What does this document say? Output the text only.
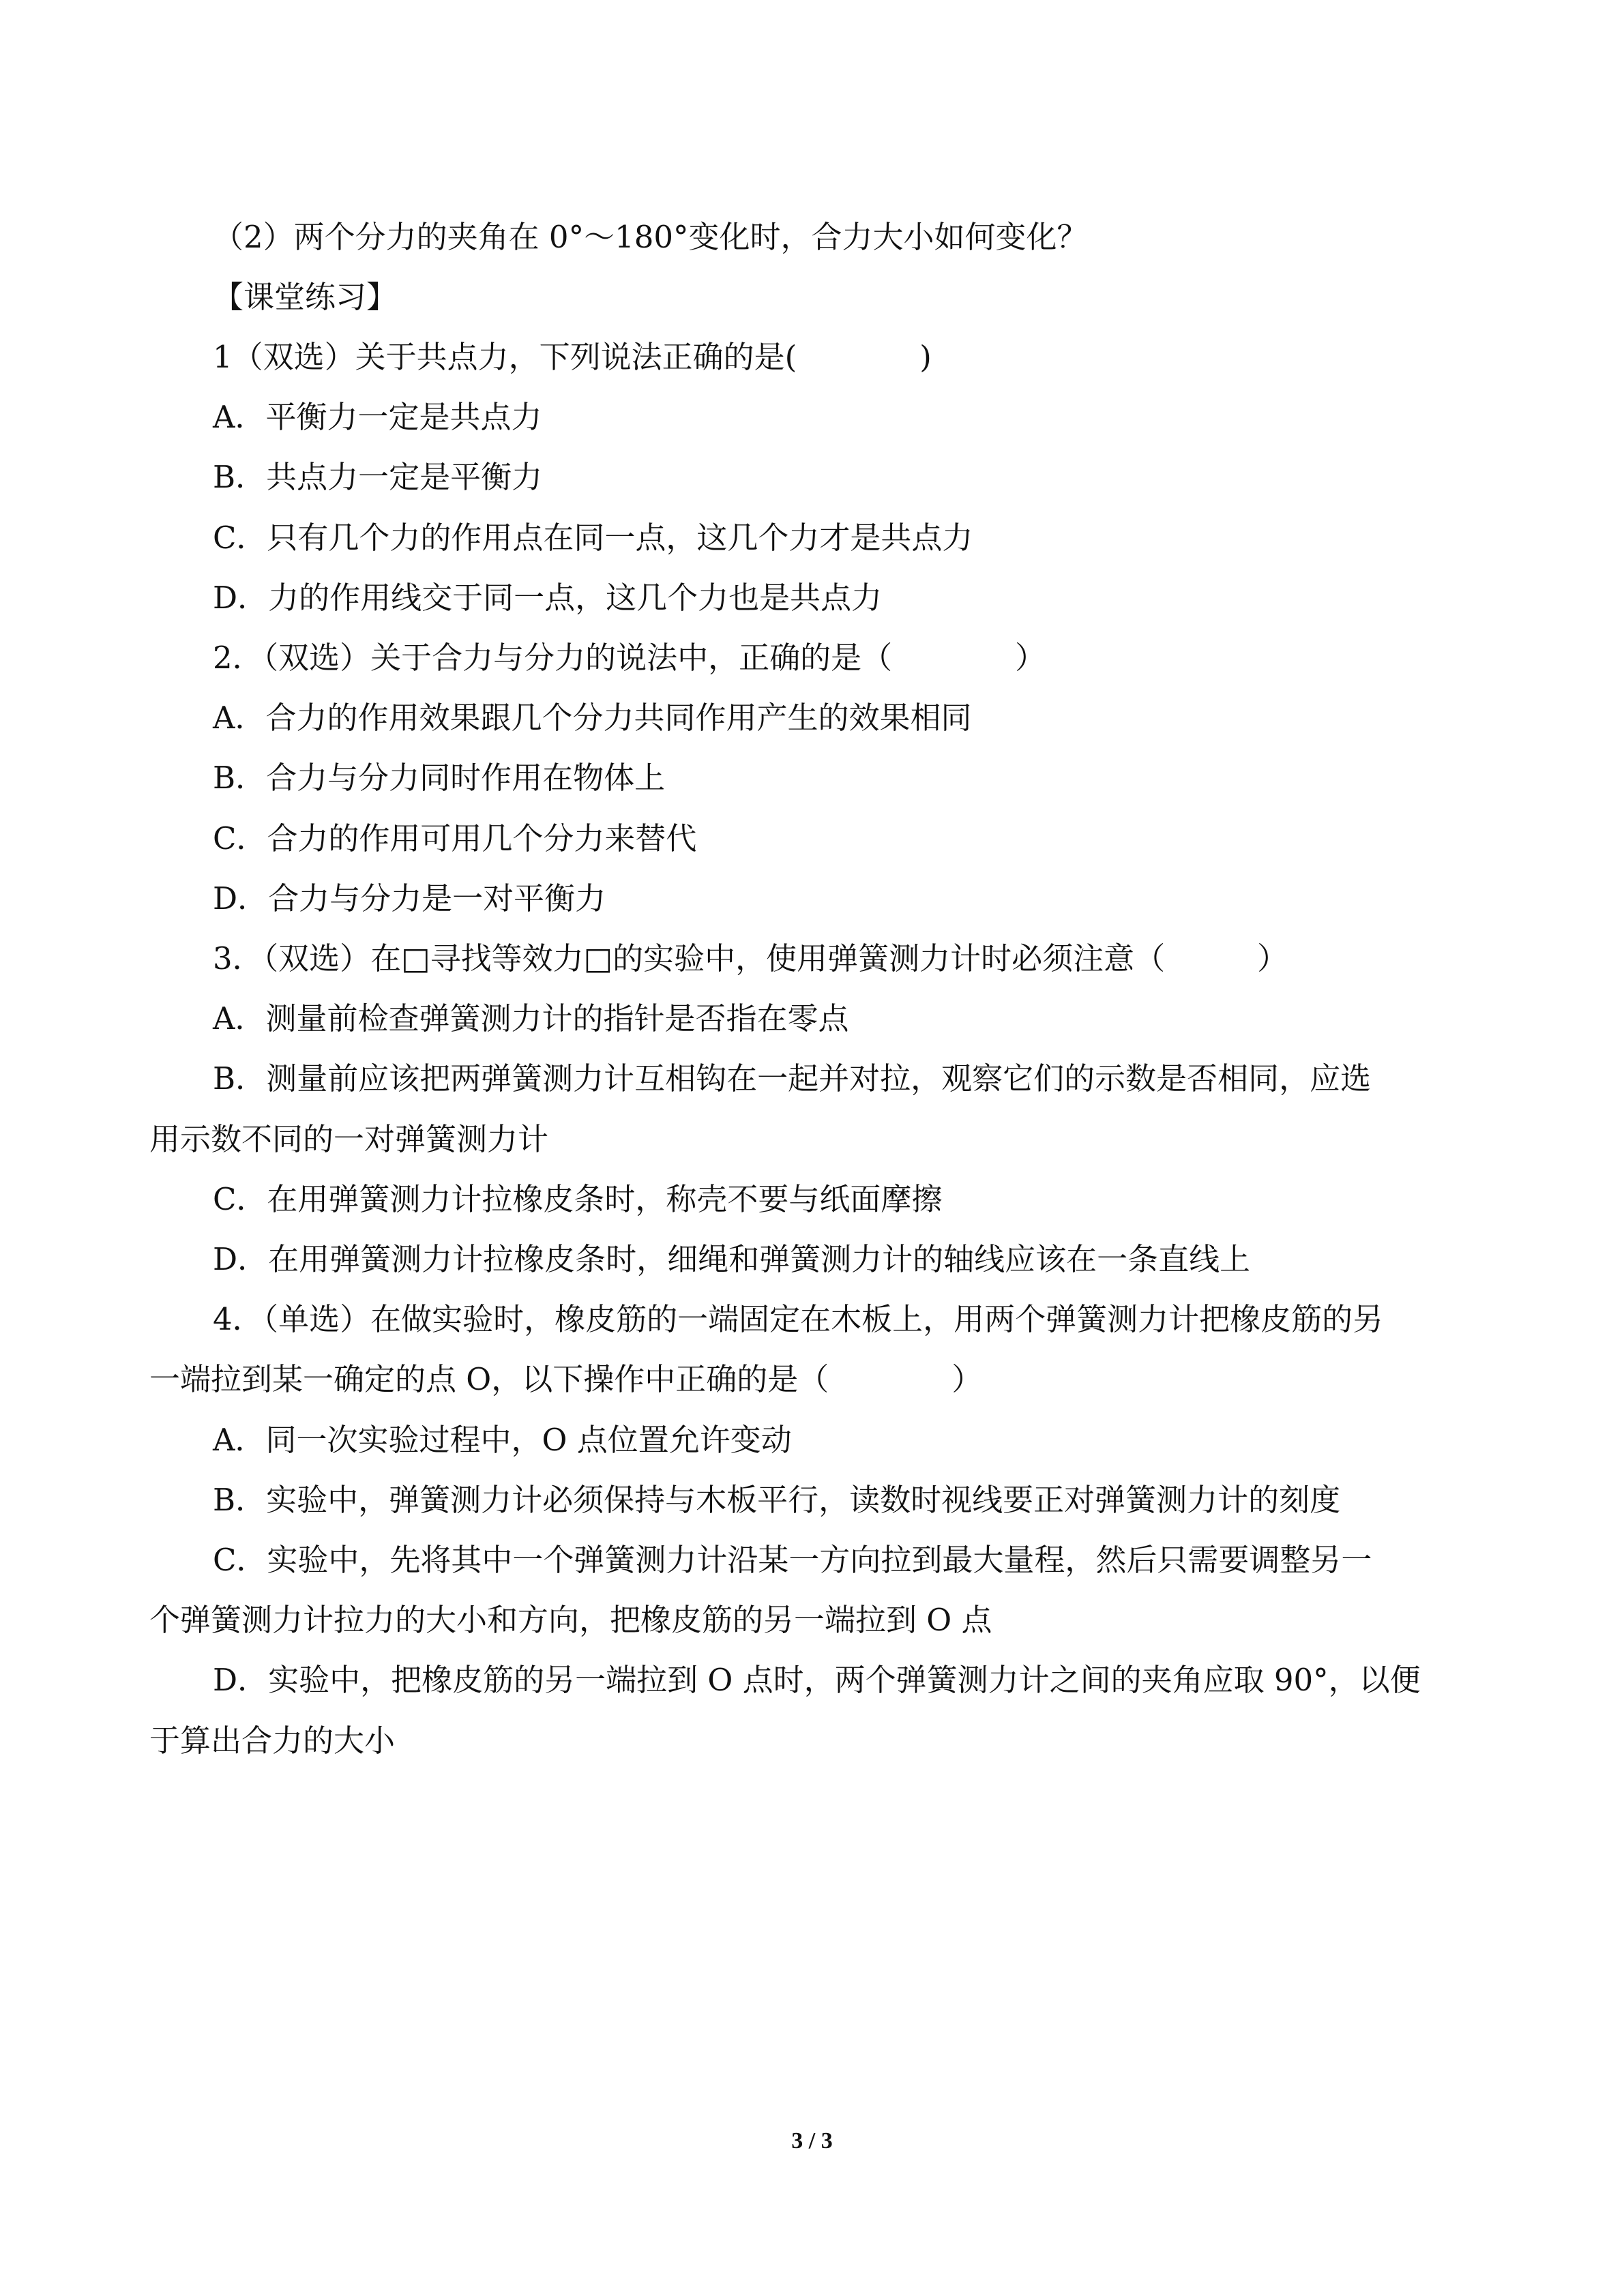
（2）两个分力的夹角在 0°～180°变化时，合力大小如何变化？
【课堂练习】
1（双选）关于共点力，下列说法正确的是(　　　　)
A．平衡力一定是共点力
B．共点力一定是平衡力
C．只有几个力的作用点在同一点，这几个力才是共点力
D．力的作用线交于同一点，这几个力也是共点力
2．（双选）关于合力与分力的说法中，正确的是（　　　　）
A．合力的作用效果跟几个分力共同作用产生的效果相同
B．合力与分力同时作用在物体上
C．合力的作用可用几个分力来替代
D．合力与分力是一对平衡力
3．（双选）在□寻找等效力□的实验中，使用弹簧测力计时必须注意（　　　）
A．测量前检查弹簧测力计的指针是否指在零点
B．测量前应该把两弹簧测力计互相钩在一起并对拉，观察它们的示数是否相同，应选
用示数不同的一对弹簧测力计
C．在用弹簧测力计拉橡皮条时，称壳不要与纸面摩擦
D．在用弹簧测力计拉橡皮条时，细绳和弹簧测力计的轴线应该在一条直线上
4．（单选）在做实验时，橡皮筋的一端固定在木板上，用两个弹簧测力计把橡皮筋的另
一端拉到某一确定的点 O，以下操作中正确的是（　　　　）
A．同一次实验过程中，O 点位置允许变动
B．实验中，弹簧测力计必须保持与木板平行，读数时视线要正对弹簧测力计的刻度
C．实验中，先将其中一个弹簧测力计沿某一方向拉到最大量程，然后只需要调整另一
个弹簧测力计拉力的大小和方向，把橡皮筋的另一端拉到 O 点
D．实验中，把橡皮筋的另一端拉到 O 点时，两个弹簧测力计之间的夹角应取 90°，以便
于算出合力的大小
3 / 3
